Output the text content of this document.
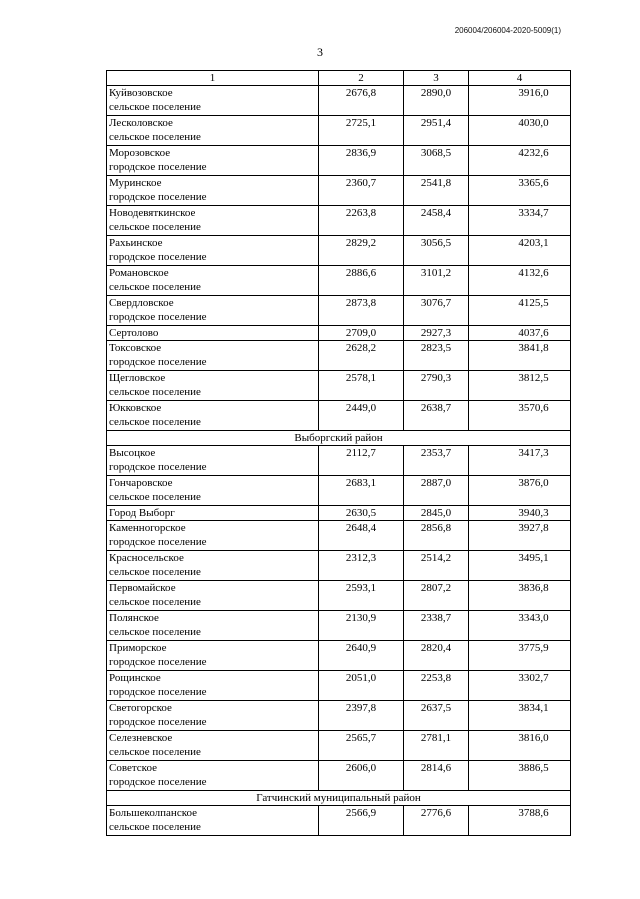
206004/206004-2020-5009(1)
3
1	2	3	4

Куйвозовское
сельское поселение	2676,8	2890,0	3916,0

Лесколовское
сельское поселение	2725,1	2951,4	4030,0

Морозовское
городское поселение	2836,9	3068,5	4232,6

Муринское
городское поселение	2360,7	2541,8	3365,6

Новодевяткинское
сельское поселение	2263,8	2458,4	3334,7

Рахьинское
городское поселение	2829,2	3056,5	4203,1

Романовское
сельское поселение	2886,6	3101,2	4132,6

Свердловское
городское поселение	2873,8	3076,7	4125,5

Сертолово	2709,0	2927,3	4037,6

Токсовское
городское поселение	2628,2	2823,5	3841,8

Щегловское
сельское поселение	2578,1	2790,3	3812,5

Юкковское
сельское поселение	2449,0	2638,7	3570,6
Выборгский район			

Высоцкое
городское поселение	2112,7	2353,7	3417,3

Гончаровское
сельское поселение	2683,1	2887,0	3876,0

Город Выборг	2630,5	2845,0	3940,3

Каменногорское
городское поселение	2648,4	2856,8	3927,8

Красносельское
сельское поселение	2312,3	2514,2	3495,1

Первомайское
сельское поселение	2593,1	2807,2	3836,8

Полянское
сельское поселение	2130,9	2338,7	3343,0

Приморское
городское поселение	2640,9	2820,4	3775,9

Рощинское
городское поселение	2051,0	2253,8	3302,7

Светогорское
городское поселение	2397,8	2637,5	3834,1

Селезневское
сельское поселение	2565,7	2781,1	3816,0

Советское
городское поселение	2606,0	2814,6	3886,5
Гатчинский муниципальный район			

Большеколпанское
сельское поселение	2566,9	2776,6	3788,6
